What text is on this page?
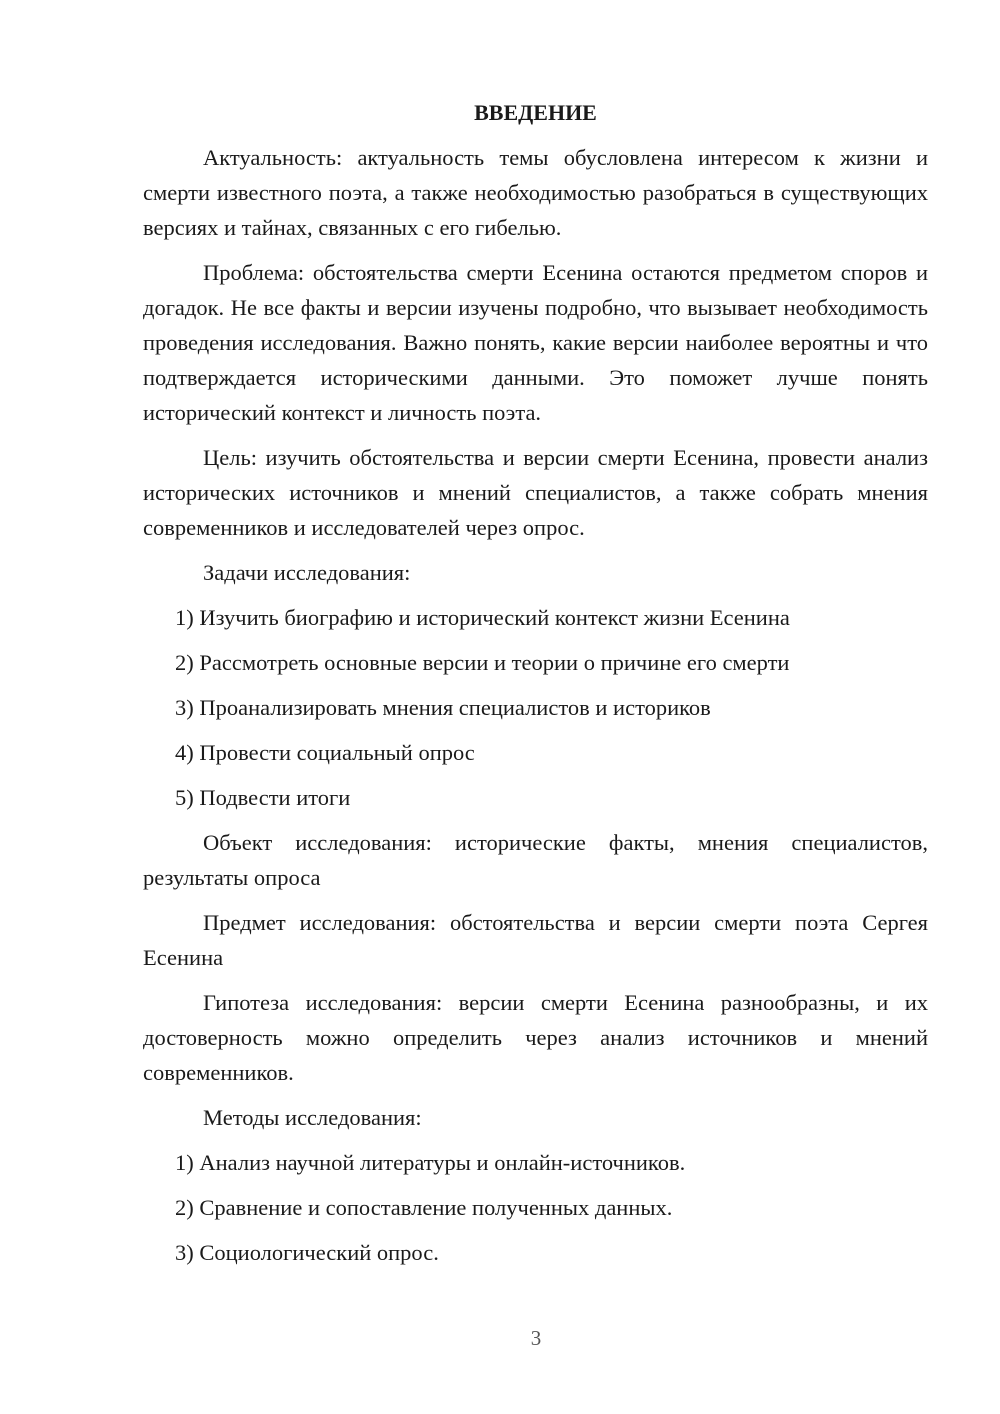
ВВЕДЕНИЕ

Актуальность: актуальность темы обусловлена интересом к жизни и смерти известного поэта, а также необходимостью разобраться в существующих версиях и тайнах, связанных с его гибелью.

Проблема: обстоятельства смерти Есенина остаются предметом споров и догадок. Не все факты и версии изучены подробно, что вызывает необходимость проведения исследования. Важно понять, какие версии наиболее вероятны и что подтверждается историческими данными. Это поможет лучше понять исторический контекст и личность поэта.

Цель: изучить обстоятельства и версии смерти Есенина, провести анализ исторических источников и мнений специалистов, а также собрать мнения современников и исследователей через опрос.

Задачи исследования:

1) Изучить биографию и исторический контекст жизни Есенина
2) Рассмотреть основные версии и теории о причине его смерти
3) Проанализировать мнения специалистов и историков
4) Провести социальный опрос
5) Подвести итоги

Объект исследования: исторические факты, мнения специалистов, результаты опроса

Предмет исследования: обстоятельства и версии смерти поэта Сергея Есенина

Гипотеза исследования: версии смерти Есенина разнообразны, и их достоверность можно определить через анализ источников и мнений современников.

Методы исследования:

1) Анализ научной литературы и онлайн-источников.
2) Сравнение и сопоставление полученных данных.
3) Социологический опрос.
3
